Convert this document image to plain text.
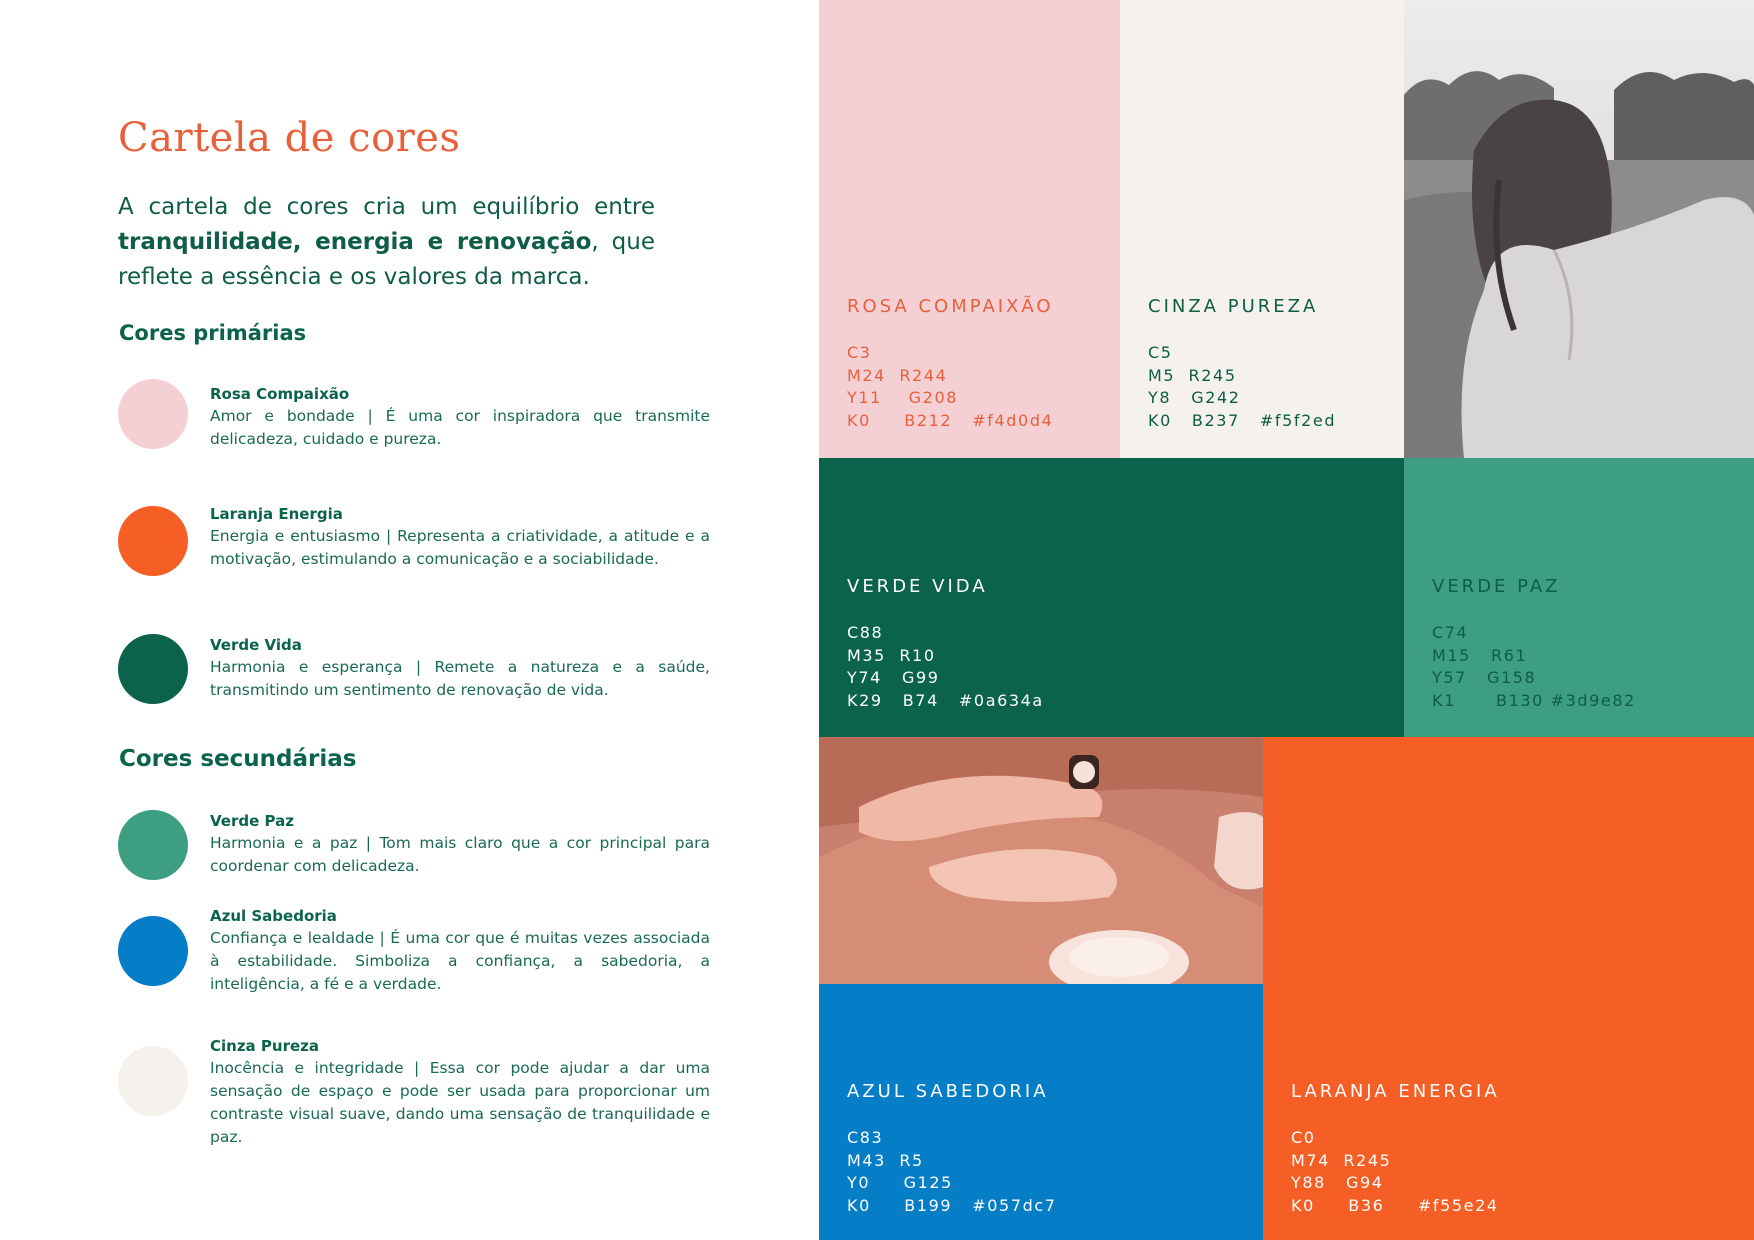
Cartela de cores

A cartela de cores cria um equilíbrio entre tranquilidade, energia e renovação, que reflete a essência e os valores da marca.

Cores primárias

Rosa Compaixão

Amor e bondade | É uma cor inspiradora que transmite delicadeza, cuidado e pureza.

Laranja Energia

Energia e entusiasmo | Representa a criatividade, a atitude e a motivação, estimulando a comunicação e a sociabilidade.

Verde Vida

Harmonia e esperança | Remete a natureza e a saúde, transmitindo um sentimento de renovação de vida.

Cores secundárias

Verde Paz

Harmonia e a paz | Tom mais claro que a cor principal para coordenar com delicadeza.

Azul Sabedoria

Confiança e lealdade | É uma cor que é muitas vezes associada à estabilidade. Simboliza a confiança, a sabedoria, a inteligência, a fé e a verdade.

Cinza Pureza

Inocência e integridade | Essa cor pode ajudar a dar uma sensação de espaço e pode ser usada para proporcionar um contraste visual suave, dando uma sensação de tranquilidade e paz.

ROSA COMPAIXÃO
C3
M24  R244
Y11    G208
K0     B212   #f4d0d4
CINZA PUREZA
C5
M5  R245
Y8   G242
K0   B237   #f5f2ed
VERDE VIDA
C88
M35  R10
Y74   G99
K29   B74   #0a634a
VERDE PAZ
C74
M15   R61
Y57   G158
K1      B130 #3d9e82
AZUL SABEDORIA
C83
M43  R5
Y0     G125
K0     B199   #057dc7
LARANJA ENERGIA
C0
M74  R245
Y88   G94
K0     B36     #f55e24
